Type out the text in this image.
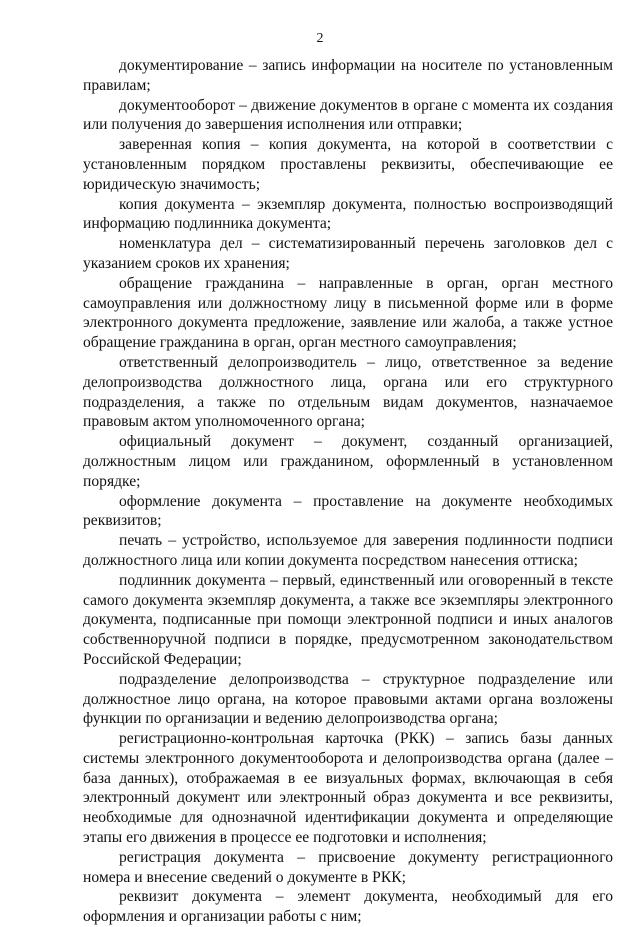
2

документирование – запись информации на носителе по установленным правилам;

документооборот – движение документов в органе с момента их создания или получения до завершения исполнения или отправки;

заверенная копия – копия документа, на которой в соответствии с установленным порядком проставлены реквизиты, обеспечивающие ее юридическую значимость;

копия документа – экземпляр документа, полностью воспроизводящий информацию подлинника документа;

номенклатура дел – систематизированный перечень заголовков дел с указанием сроков их хранения;

обращение гражданина – направленные в орган, орган местного самоуправления или должностному лицу в письменной форме или в форме электронного документа предложение, заявление или жалоба, а также устное обращение гражданина в орган, орган местного самоуправления;

ответственный делопроизводитель – лицо, ответственное за ведение делопроизводства должностного лица, органа или его структурного подразделения, а также по отдельным видам документов, назначаемое правовым актом уполномоченного органа;

официальный документ – документ, созданный организацией, должностным лицом или гражданином, оформленный в установленном порядке;

оформление документа – проставление на документе необходимых реквизитов;

печать – устройство, используемое для заверения подлинности подписи должностного лица или копии документа посредством нанесения оттиска;

подлинник документа – первый, единственный или оговоренный в тексте самого документа экземпляр документа, а также все экземпляры электронного документа, подписанные при помощи электронной подписи и иных аналогов собственноручной подписи в порядке, предусмотренном законодательством Российской Федерации;

подразделение делопроизводства – структурное подразделение или должностное лицо органа, на которое правовыми актами органа возложены функции по организации и ведению делопроизводства органа;

регистрационно-контрольная карточка (РКК) – запись базы данных системы электронного документооборота и делопроизводства органа (далее – база данных), отображаемая в ее визуальных формах, включающая в себя электронный документ или электронный образ документа и все реквизиты, необходимые для однозначной идентификации документа и определяющие этапы его движения в процессе ее подготовки и исполнения;

регистрация документа – присвоение документу регистрационного номера и внесение сведений о документе в РКК;

реквизит документа – элемент документа, необходимый для его оформления и организации работы с ним;
